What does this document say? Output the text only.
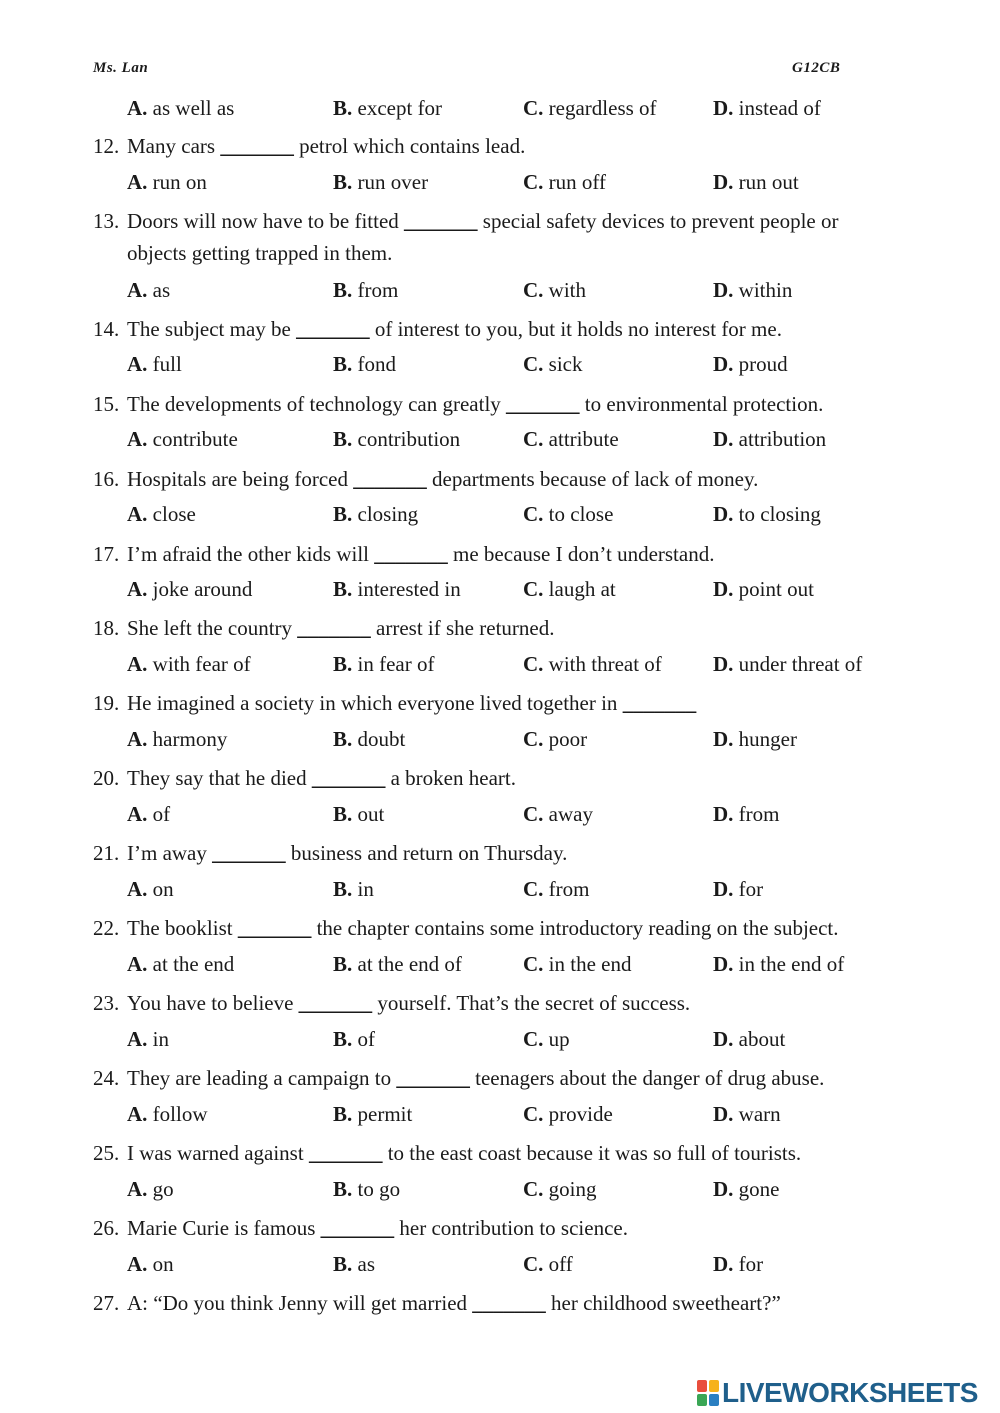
Ms. Lan	G12CB
A. as well as	B. except for	C. regardless of	D. instead of
12. Many cars _______ petrol which contains lead.
A. run on	B. run over	C. run off	D. run out
13. Doors will now have to be fitted _______ special safety devices to prevent people or
objects getting trapped in them.
A. as	B. from	C. with	D. within
14. The subject may be _______ of interest to you, but it holds no interest for me.
A. full	B. fond	C. sick	D. proud
15. The developments of technology can greatly _______ to environmental protection.
A. contribute	B. contribution	C. attribute	D. attribution
16. Hospitals are being forced _______ departments because of lack of money.
A. close	B. closing	C. to close	D. to closing
17. I’m afraid the other kids will _______ me because I don’t understand.
A. joke around	B. interested in	C. laugh at	D. point out
18. She left the country _______ arrest if she returned.
A. with fear of	B. in fear of	C. with threat of D. under threat of
19. He imagined a society in which everyone lived together in _______
A. harmony	B. doubt	C. poor	D. hunger
20. They say that he died _______ a broken heart.
A. of	B. out	C. away	D. from
21. I’m away _______ business and return on Thursday.
A. on	B. in	C. from	D. for
22. The booklist _______ the chapter contains some introductory reading on the subject.
A. at the end	B. at the end of	C. in the end	D. in the end of
23. You have to believe _______ yourself. That’s the secret of success.
A. in	B. of	C. up	D. about
24. They are leading a campaign to _______ teenagers about the danger of drug abuse.
A. follow	B. permit	C. provide	D. warn
25. I was warned against _______ to the east coast because it was so full of tourists.
A. go	B. to go	C. going	D. gone
26. Marie Curie is famous _______ her contribution to science.
A. on	B. as	C. off	D. for
27. A: “Do you think Jenny will get married _______ her childhood sweetheart?”
LIVEWORKSHEETS
